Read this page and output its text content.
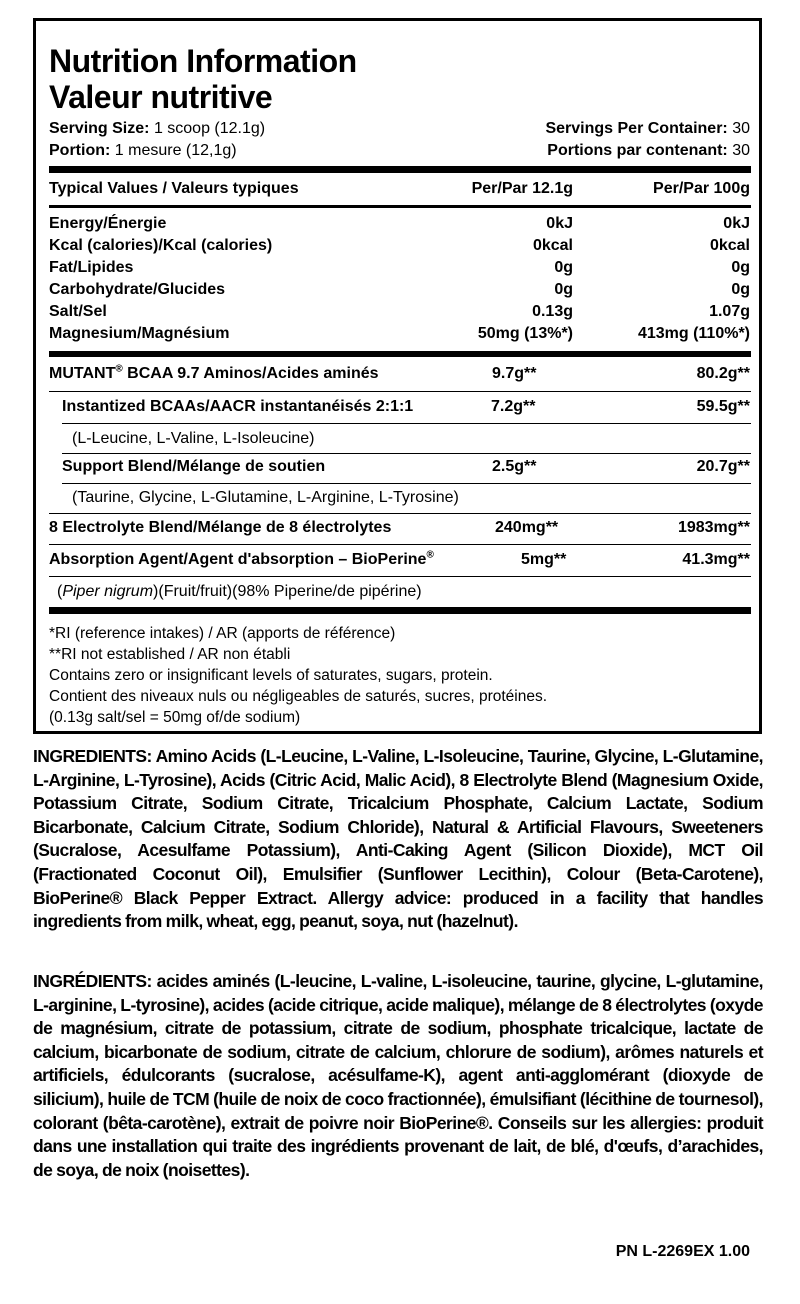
Nutrition Information
Valeur nutritive
Serving Size: 1 scoop (12.1g)
Portion: 1 mesure (12,1g)
Servings Per Container: 30
Portions par contenant: 30
Typical Values / Valeurs typiques	Per/Par 12.1g	Per/Par 100g
Energy/Énergie	0kJ	0kJ
Kcal (calories)/Kcal (calories)	0kcal	0kcal
Fat/Lipides	0g	0g
Carbohydrate/Glucides	0g	0g
Salt/Sel	0.13g	1.07g
Magnesium/Magnésium	50mg (13%*)	413mg (110%*)
MUTANT® BCAA 9.7 Aminos/Acides aminés	9.7g**	80.2g**
Instantized BCAAs/AACR instantanéisés 2:1:1	7.2g**	59.5g**
(L-Leucine, L-Valine, L-Isoleucine)
Support Blend/Mélange de soutien	2.5g**	20.7g**
(Taurine, Glycine, L-Glutamine, L-Arginine, L-Tyrosine)
8 Electrolyte Blend/Mélange de 8 électrolytes	240mg**	1983mg**
Absorption Agent/Agent d'absorption – BioPerine®	5mg**	41.3mg**
(Piper nigrum)(Fruit/fruit)(98% Piperine/de pipérine)
*RI (reference intakes) / AR (apports de référence)
**RI not established / AR non établi
Contains zero or insignificant levels of saturates, sugars, protein.
Contient des niveaux nuls ou négligeables de saturés, sucres, protéines.
(0.13g salt/sel = 50mg of/de sodium)
INGREDIENTS: Amino Acids (L-Leucine, L-Valine, L-Isoleucine, Taurine, Glycine, L-Glutamine, L-Arginine, L-Tyrosine), Acids (Citric Acid, Malic Acid), 8 Electrolyte Blend (Magnesium Oxide, Potassium Citrate, Sodium Citrate, Tricalcium Phosphate, Calcium Lactate, Sodium Bicarbonate, Calcium Citrate, Sodium Chloride), Natural & Artificial Flavours, Sweeteners (Sucralose, Acesulfame Potassium), Anti-Caking Agent (Silicon Dioxide), MCT Oil (Fractionated Coconut Oil), Emulsifier (Sunflower Lecithin), Colour (Beta-Carotene), BioPerine® Black Pepper Extract. Allergy advice: produced in a facility that handles ingredients from milk, wheat, egg, peanut, soya, nut (hazelnut).
INGRÉDIENTS: acides aminés (L-leucine, L-valine, L-isoleucine, taurine, glycine, L-glutamine, L-arginine, L-tyrosine), acides (acide citrique, acide malique), mélange de 8 électrolytes (oxyde de magnésium, citrate de potassium, citrate de sodium, phosphate tricalcique, lactate de calcium, bicarbonate de sodium, citrate de calcium, chlorure de sodium), arômes naturels et artificiels, édulcorants (sucralose, acésulfame-K), agent anti-agglomérant (dioxyde de silicium), huile de TCM (huile de noix de coco fractionnée), émulsifiant (lécithine de tournesol), colorant (bêta-carotène), extrait de poivre noir BioPerine®. Conseils sur les allergies: produit dans une installation qui traite des ingrédients provenant de lait, de blé, d'œufs, d’arachides, de soya, de noix (noisettes).
PN L-2269EX 1.00
